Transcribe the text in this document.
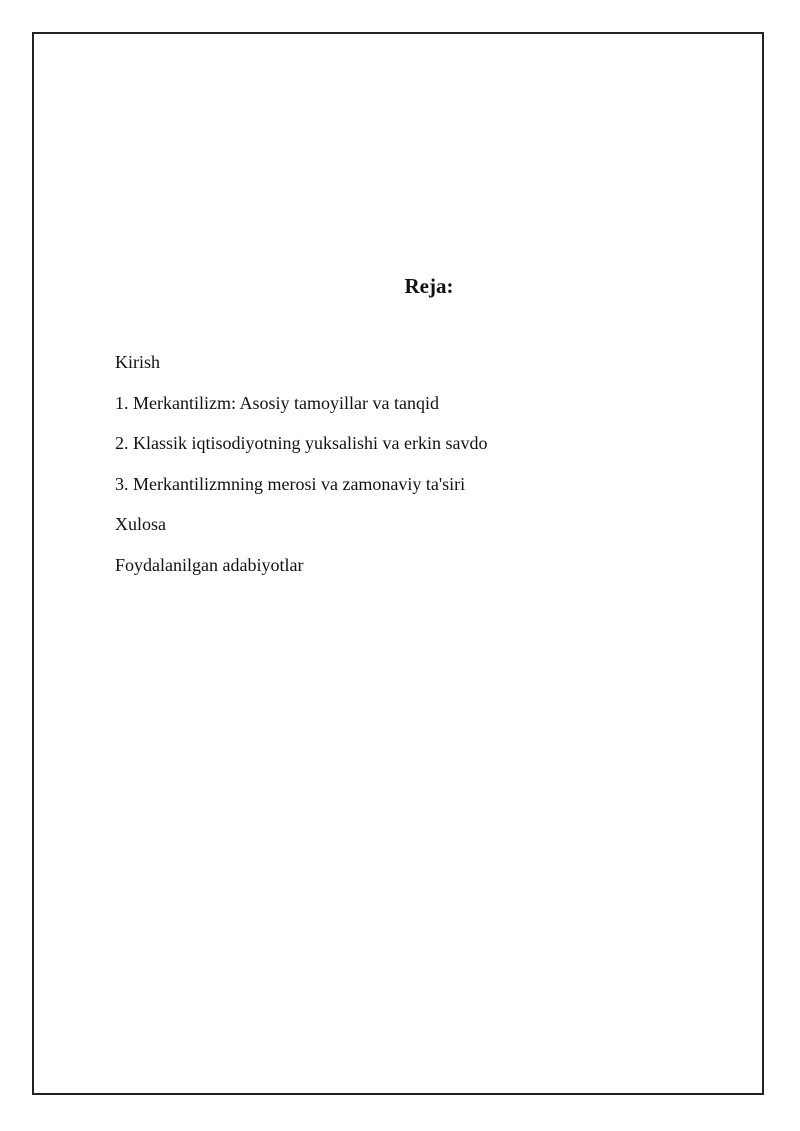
Reja:
Kirish
1. Merkantilizm: Asosiy tamoyillar va tanqid
2. Klassik iqtisodiyotning yuksalishi va erkin savdo
3. Merkantilizmning merosi va zamonaviy ta'siri
Xulosa
Foydalanilgan adabiyotlar
